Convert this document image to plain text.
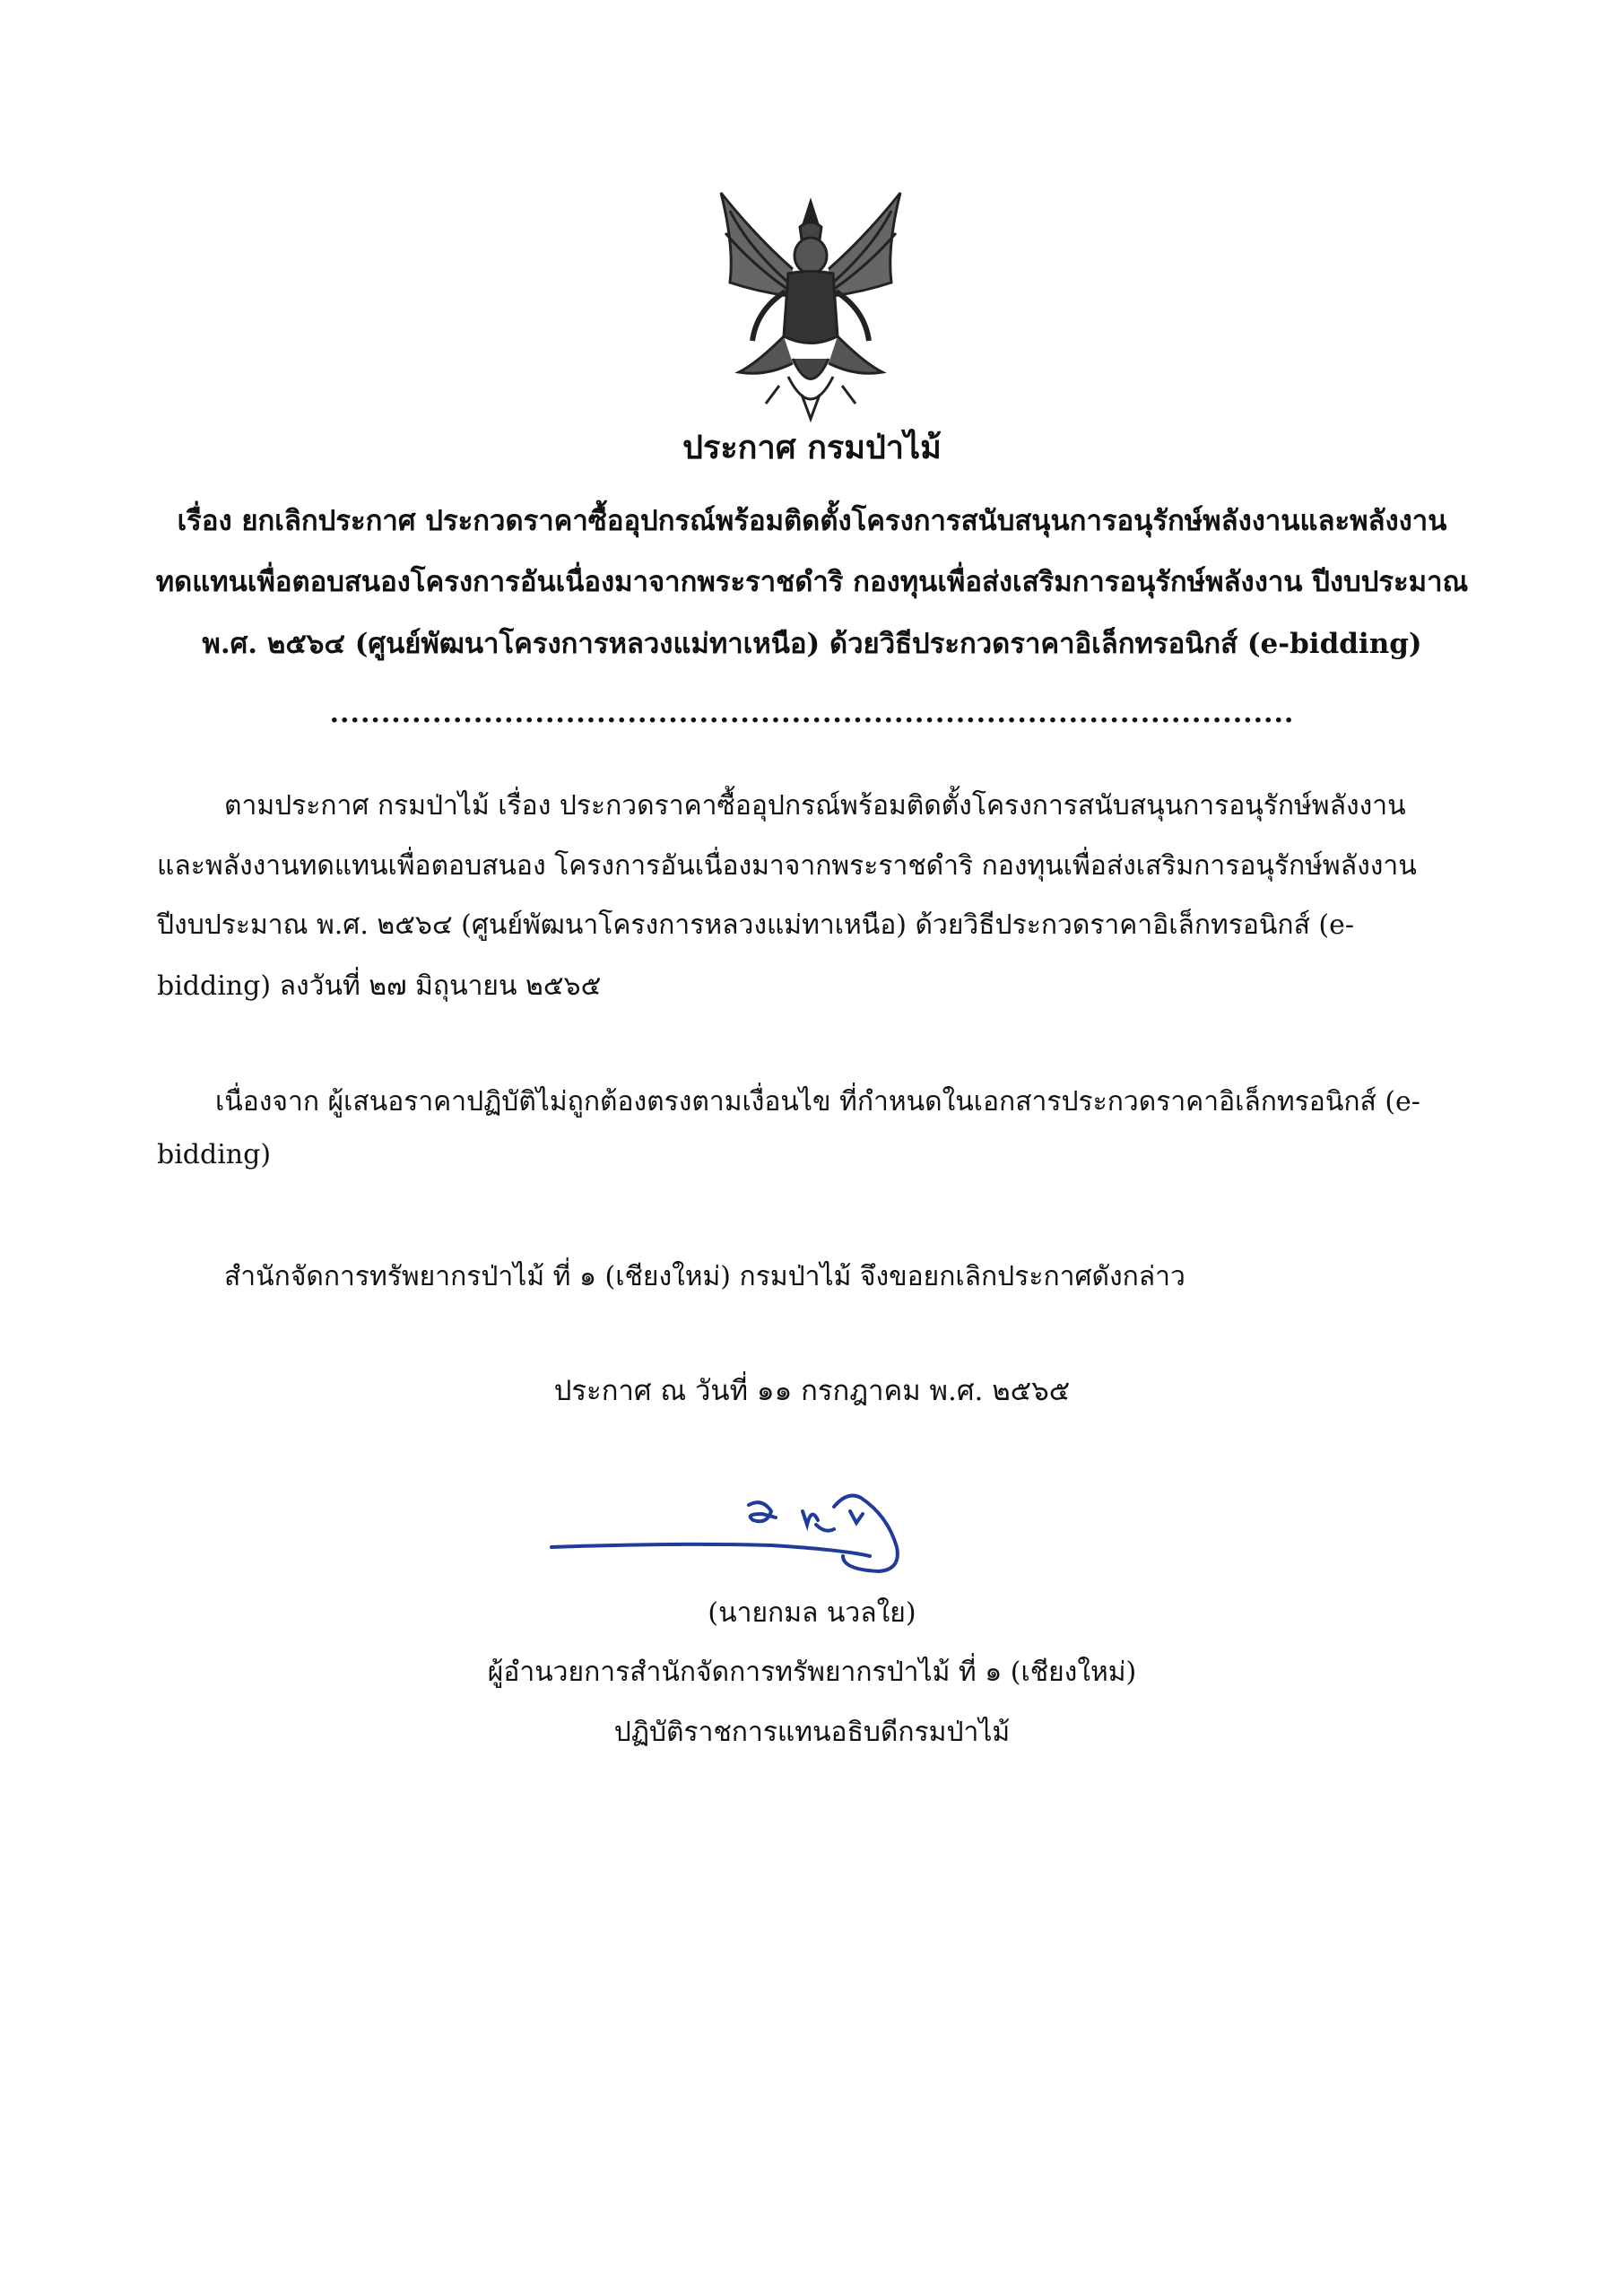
ประกาศ กรมป่าไม้
เรื่อง ยกเลิกประกาศ ประกวดราคาซื้ออุปกรณ์พร้อมติดตั้งโครงการสนับสนุนการอนุรักษ์พลังงานและพลังงาน
ทดแทนเพื่อตอบสนองโครงการอันเนื่องมาจากพระราชดำริ กองทุนเพื่อส่งเสริมการอนุรักษ์พลังงาน ปีงบประมาณ
พ.ศ. ๒๕๖๔ (ศูนย์พัฒนาโครงการหลวงแม่ทาเหนือ) ด้วยวิธีประกวดราคาอิเล็กทรอนิกส์ (e-bidding)
..............................................................................................
ตามประกาศ กรมป่าไม้ เรื่อง ประกวดราคาซื้ออุปกรณ์พร้อมติดตั้งโครงการสนับสนุนการอนุรักษ์พลังงาน
และพลังงานทดแทนเพื่อตอบสนอง โครงการอันเนื่องมาจากพระราชดำริ กองทุนเพื่อส่งเสริมการอนุรักษ์พลังงาน
ปีงบประมาณ พ.ศ. ๒๕๖๔ (ศูนย์พัฒนาโครงการหลวงแม่ทาเหนือ) ด้วยวิธีประกวดราคาอิเล็กทรอนิกส์ (e-
bidding) ลงวันที่ ๒๗ มิถุนายน ๒๕๖๕
เนื่องจาก ผู้เสนอราคาปฏิบัติไม่ถูกต้องตรงตามเงื่อนไข ที่กำหนดในเอกสารประกวดราคาอิเล็กทรอนิกส์ (e-
bidding)
สำนักจัดการทรัพยากรป่าไม้ ที่ ๑ (เชียงใหม่) กรมป่าไม้ จึงขอยกเลิกประกาศดังกล่าว
ประกาศ ณ วันที่ ๑๑ กรกฎาคม พ.ศ. ๒๕๖๕
(นายกมล นวลใย)
ผู้อำนวยการสำนักจัดการทรัพยากรป่าไม้ ที่ ๑ (เชียงใหม่)
ปฏิบัติราชการแทนอธิบดีกรมป่าไม้
